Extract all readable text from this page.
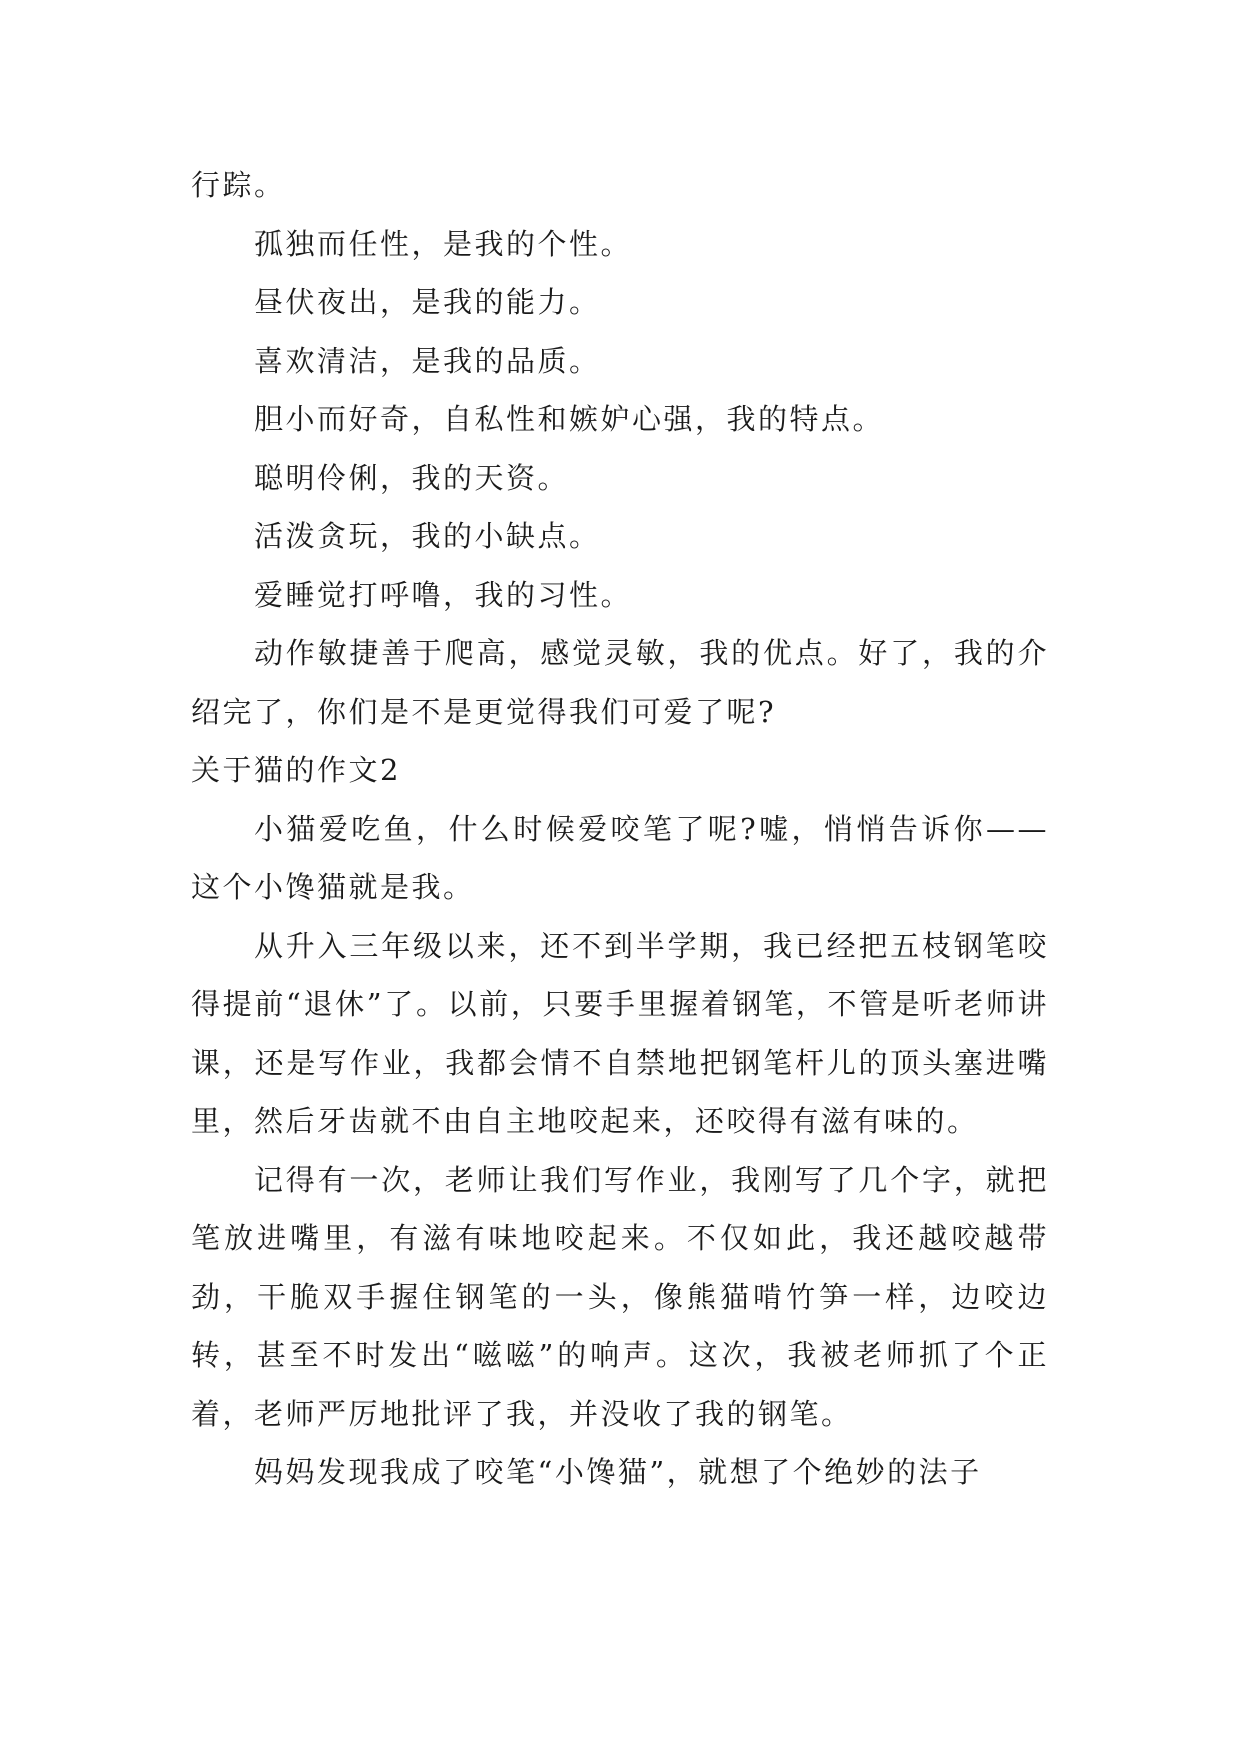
行踪。

孤独而任性，是我的个性。

昼伏夜出，是我的能力。

喜欢清洁，是我的品质。

胆小而好奇，自私性和嫉妒心强，我的特点。

聪明伶俐，我的天资。

活泼贪玩，我的小缺点。

爱睡觉打呼噜，我的习性。

动作敏捷善于爬高，感觉灵敏，我的优点。好了，我的介绍完了，你们是不是更觉得我们可爱了呢?

关于猫的作文2

小猫爱吃鱼，什么时候爱咬笔了呢?嘘，悄悄告诉你——这个小馋猫就是我。

从升入三年级以来，还不到半学期，我已经把五枝钢笔咬得提前“退休”了。以前，只要手里握着钢笔，不管是听老师讲课，还是写作业，我都会情不自禁地把钢笔杆儿的顶头塞进嘴里，然后牙齿就不由自主地咬起来，还咬得有滋有味的。

记得有一次，老师让我们写作业，我刚写了几个字，就把笔放进嘴里，有滋有味地咬起来。不仅如此，我还越咬越带劲，干脆双手握住钢笔的一头，像熊猫啃竹笋一样，边咬边转，甚至不时发出“嗞嗞”的响声。这次，我被老师抓了个正着，老师严厉地批评了我，并没收了我的钢笔。

妈妈发现我成了咬笔“小馋猫”，就想了个绝妙的法子
